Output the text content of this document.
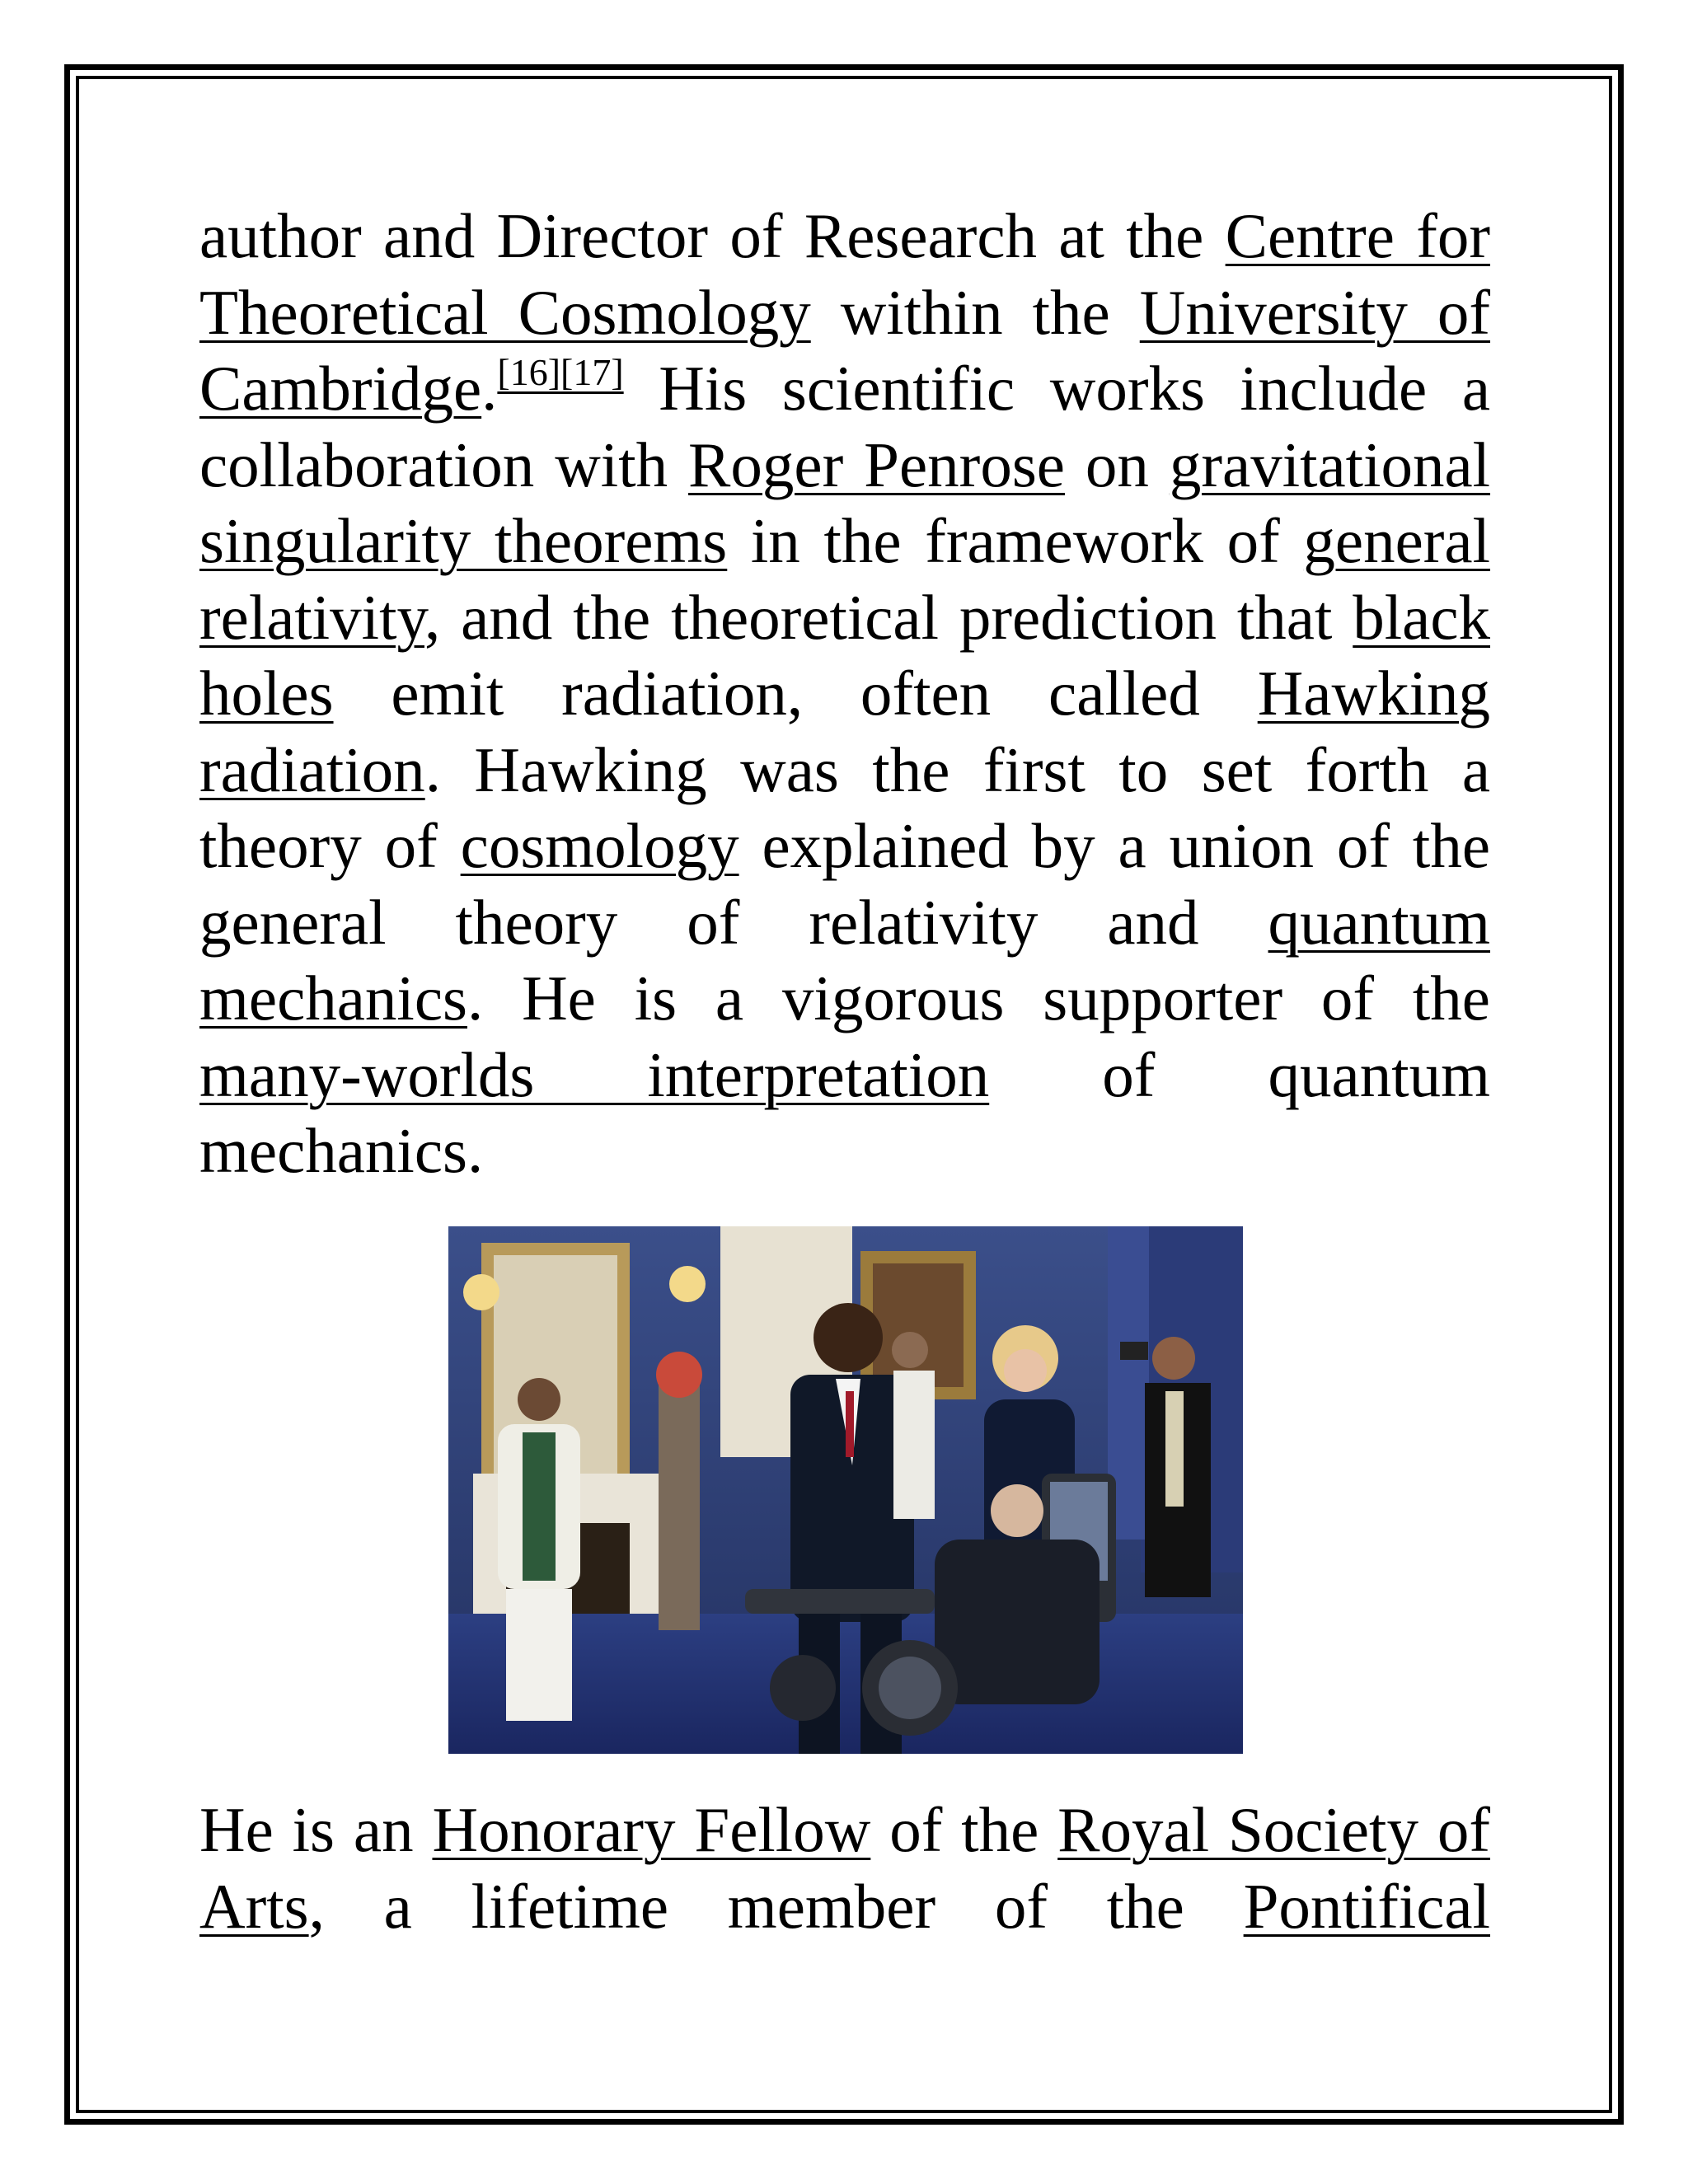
author and Director of Research at the Centre for Theoretical Cosmology within the University of Cambridge.[16][17] His scientific works include a collaboration with Roger Penrose on gravitational singularity theorems in the framework of general relativity, and the theoretical prediction that black holes emit radiation, often called Hawking radiation. Hawking was the first to set forth a theory of cosmology explained by a union of the general theory of relativity and quantum mechanics. He is a vigorous supporter of the many-worlds interpretation of quantum mechanics.

He is an Honorary Fellow of the Royal Society of Arts, a lifetime member of the Pontifical
